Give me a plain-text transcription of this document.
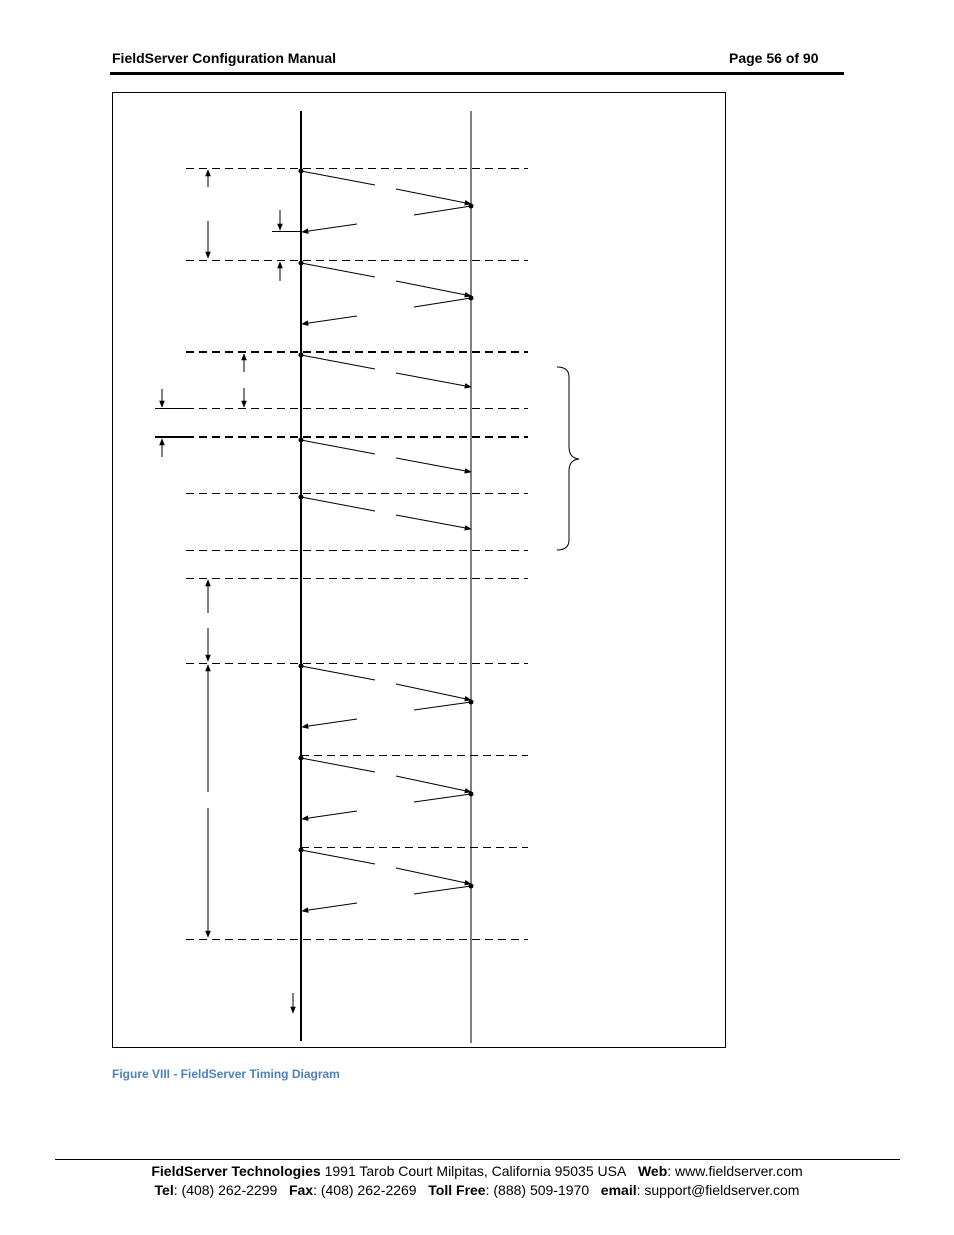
FieldServer Configuration Manual	Page 56 of 90
Figure VIII - FieldServer Timing Diagram
FieldServer Technologies 1991 Tarob Court Milpitas, California 95035 USA Web: www.fieldserver.com
Tel: (408) 262-2299 Fax: (408) 262-2269 Toll Free: (888) 509-1970 email: support@fieldserver.com
